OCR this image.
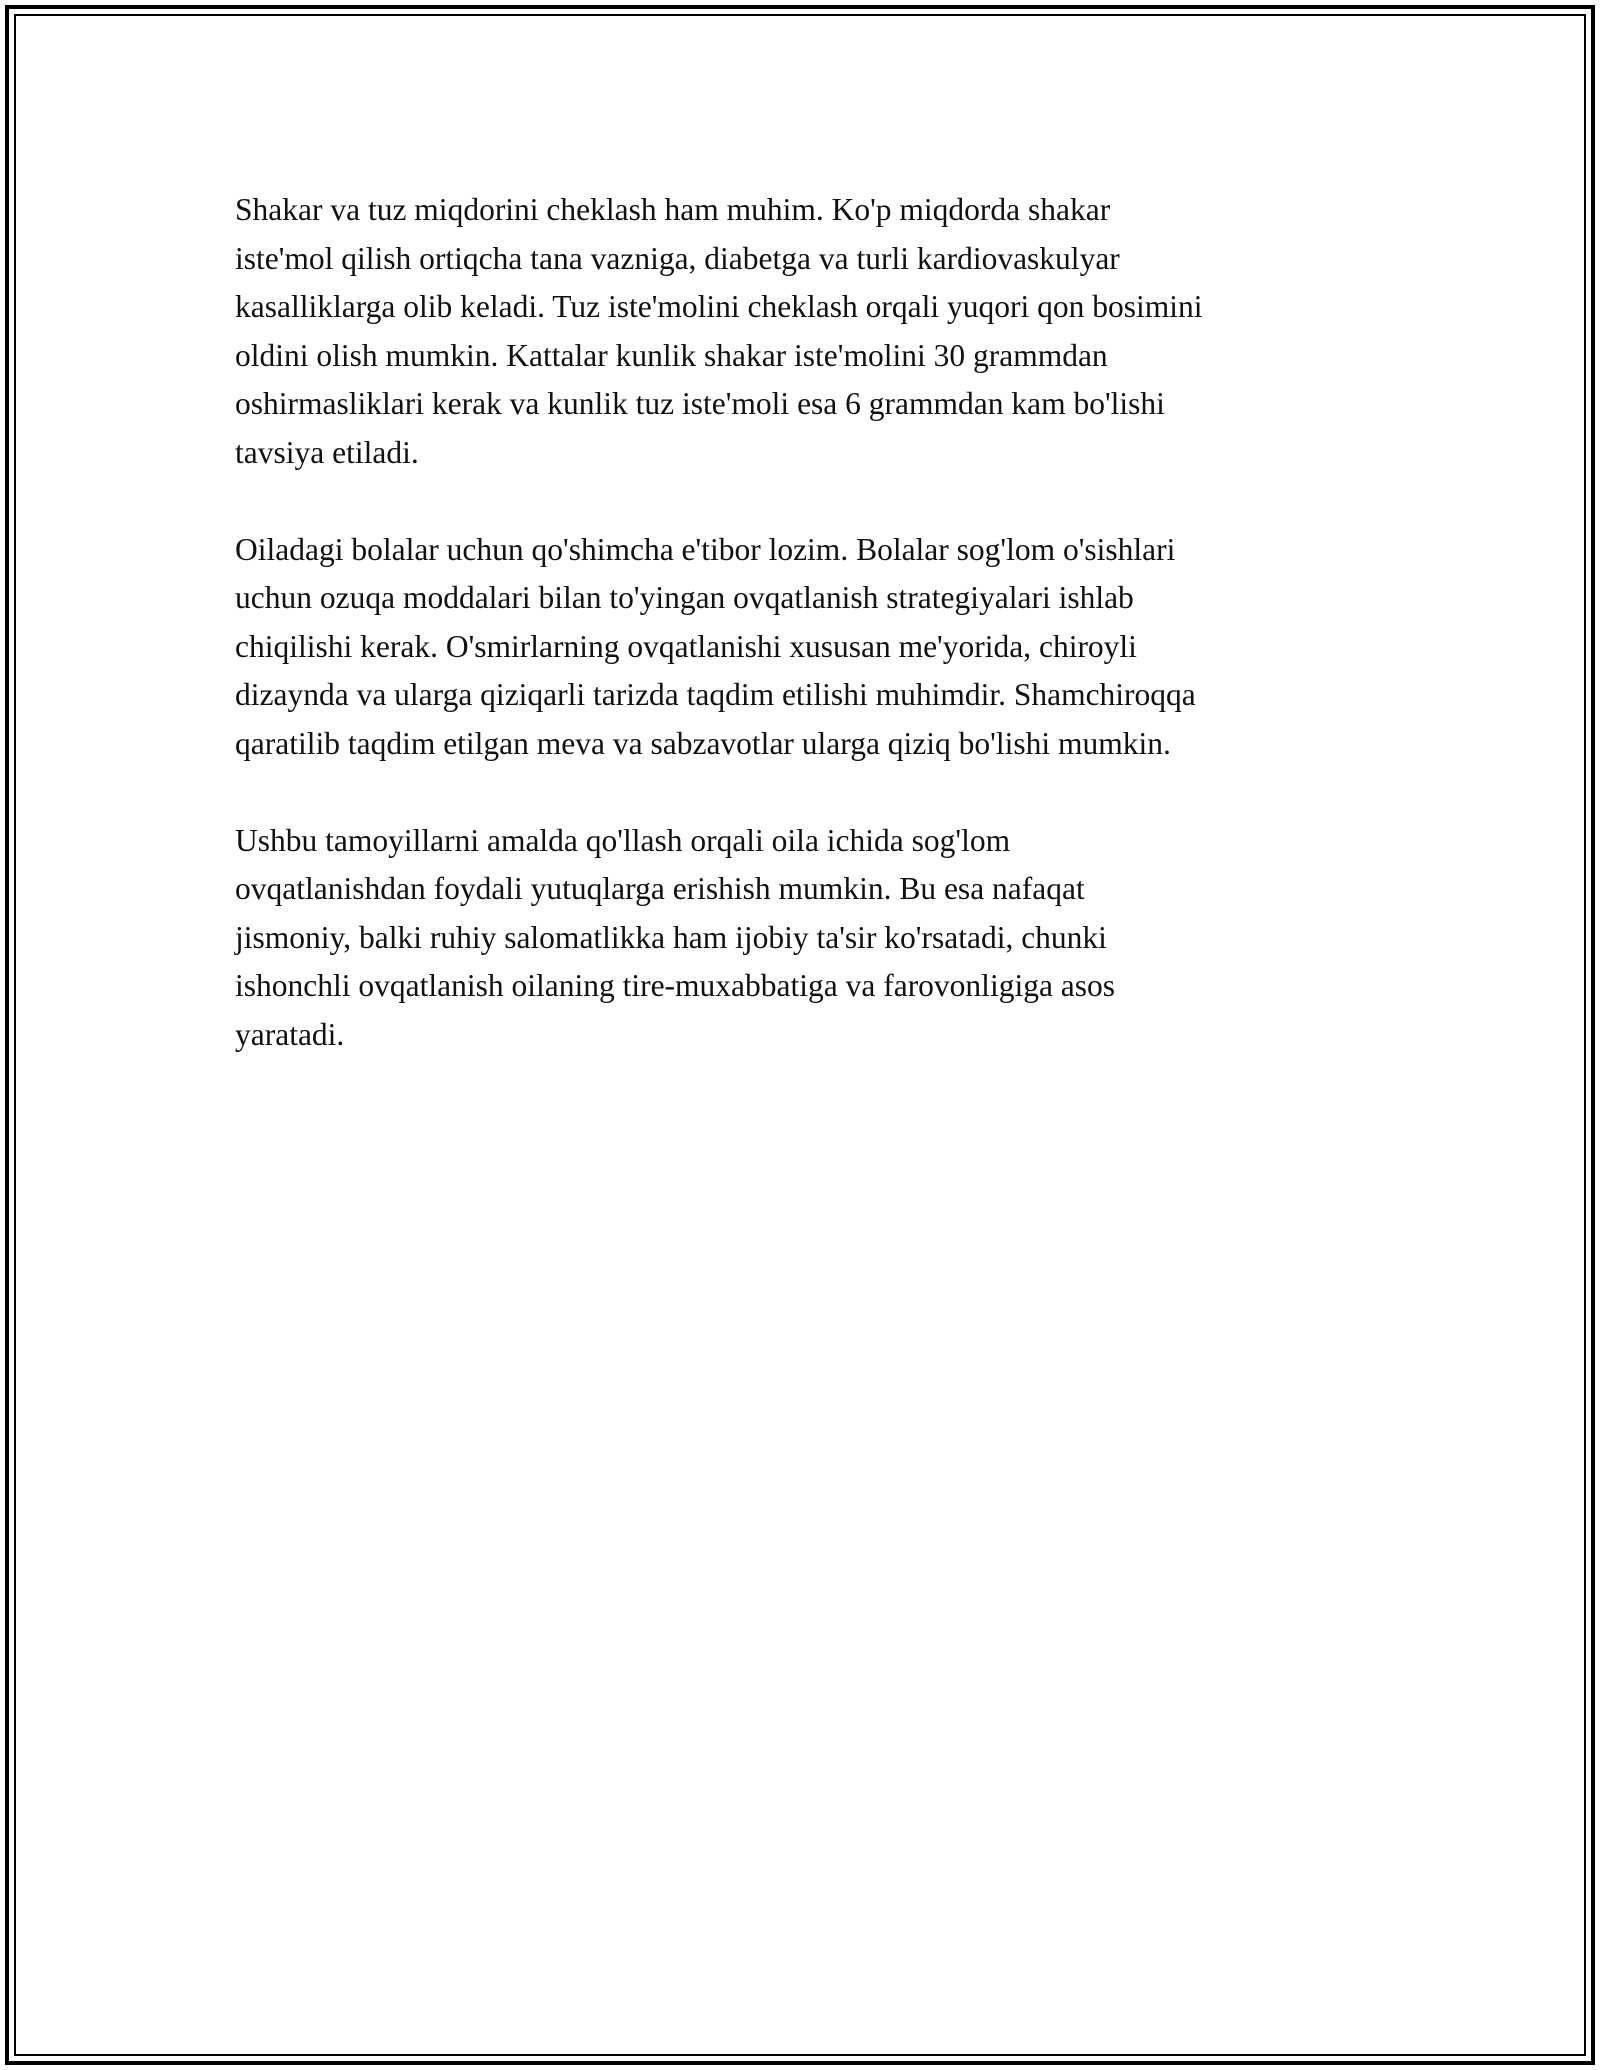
Shakar va tuz miqdorini cheklash ham muhim. Ko'p miqdorda shakar
iste'mol qilish ortiqcha tana vazniga, diabetga va turli kardiovaskulyar
kasalliklarga olib keladi. Tuz iste'molini cheklash orqali yuqori qon bosimini
oldini olish mumkin. Kattalar kunlik shakar iste'molini 30 grammdan
oshirmasliklari kerak va kunlik tuz iste'moli esa 6 grammdan kam bo'lishi
tavsiya etiladi.

Oiladagi bolalar uchun qo'shimcha e'tibor lozim. Bolalar sog'lom o'sishlari
uchun ozuqa moddalari bilan to'yingan ovqatlanish strategiyalari ishlab
chiqilishi kerak. O'smirlarning ovqatlanishi xususan me'yorida, chiroyli
dizaynda va ularga qiziqarli tarizda taqdim etilishi muhimdir. Shamchiroqqa
qaratilib taqdim etilgan meva va sabzavotlar ularga qiziq bo'lishi mumkin.

Ushbu tamoyillarni amalda qo'llash orqali oila ichida sog'lom
ovqatlanishdan foydali yutuqlarga erishish mumkin. Bu esa nafaqat
jismoniy, balki ruhiy salomatlikka ham ijobiy ta'sir ko'rsatadi, chunki
ishonchli ovqatlanish oilaning tire-muxabbatiga va farovonligiga asos
yaratadi.
